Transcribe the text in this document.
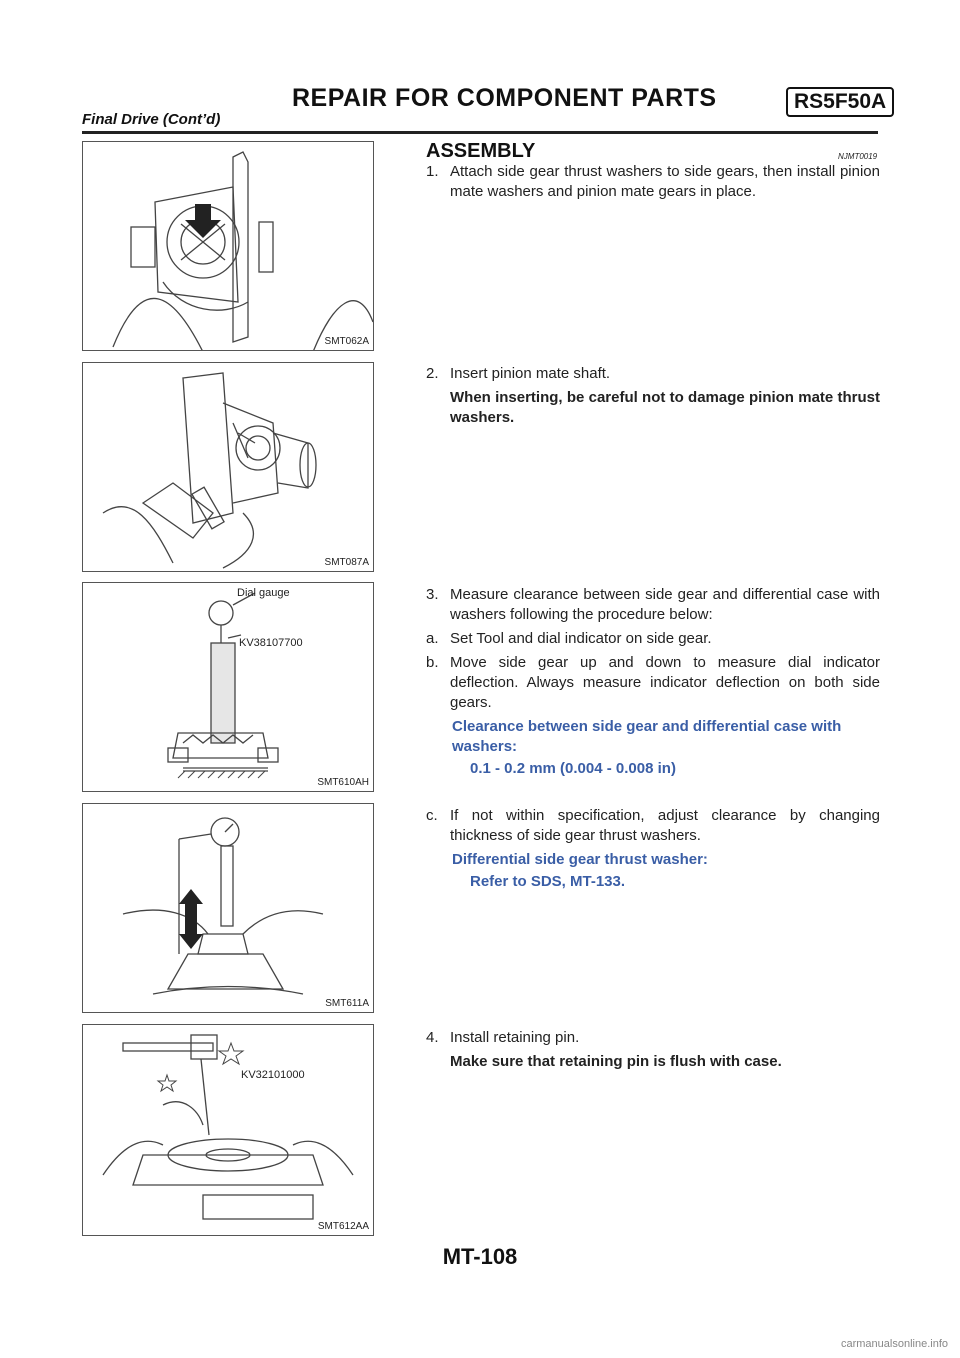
REPAIR FOR COMPONENT PARTS	RS5F50A
Final Drive (Cont’d)
SMT062A
SMT087A
Dial gauge
KV38107700
SMT610AH
SMT611A
KV32101000
SMT612AA
ASSEMBLY	NJMT0019
1. Attach side gear thrust washers to side gears, then install pinion mate washers and pinion mate gears in place.
2. Insert pinion mate shaft.
When inserting, be careful not to damage pinion mate thrust washers.
3. Measure clearance between side gear and differential case with washers following the procedure below:
a. Set Tool and dial indicator on side gear.
b. Move side gear up and down to measure dial indicator deflection. Always measure indicator deflection on both side gears.
Clearance between side gear and differential case with washers:
0.1 - 0.2 mm (0.004 - 0.008 in)
c. If not within specification, adjust clearance by changing thickness of side gear thrust washers.
Differential side gear thrust washer:
Refer to SDS, MT-133.
4. Install retaining pin.
Make sure that retaining pin is flush with case.
MT-108
carmanualsonline.info
